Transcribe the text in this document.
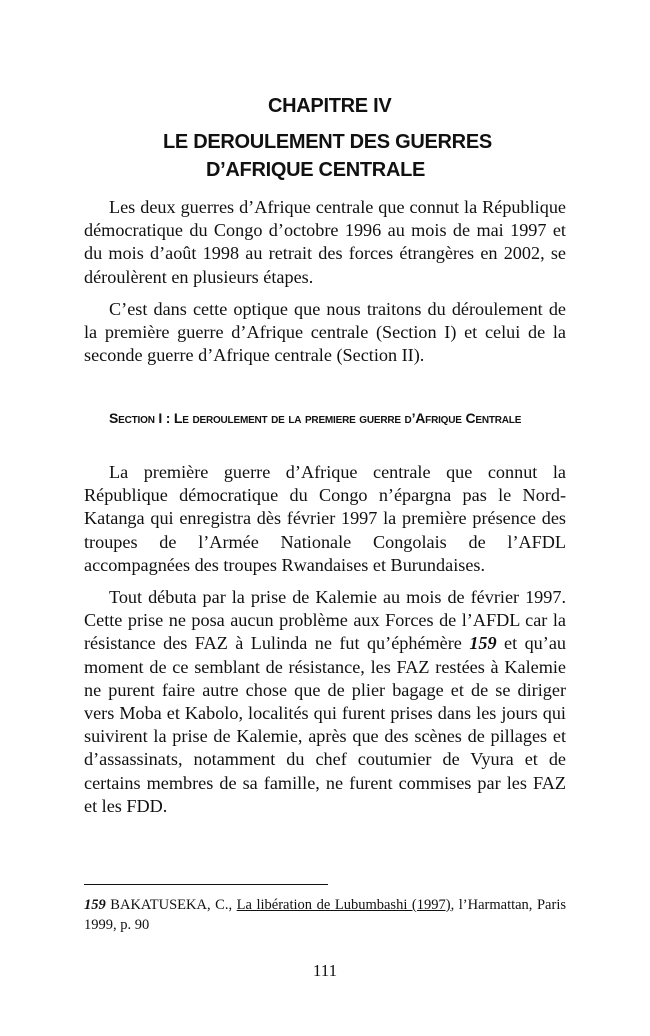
CHAPITRE IV
LE DEROULEMENT DES GUERRES
D’AFRIQUE CENTRALE

Les deux guerres d’Afrique centrale que connut la République démocratique du Congo d’octobre 1996 au mois de mai 1997 et du mois d’août 1998 au retrait des forces étrangères en 2002, se déroulèrent en plusieurs étapes.

C’est dans cette optique que nous traitons du déroulement de la première guerre d’Afrique centrale (Section I) et celui de la seconde guerre d’Afrique centrale (Section II).

Section I : Le deroulement de la premiere guerre d’Afrique Centrale

La première guerre d’Afrique centrale que connut la République démocratique du Congo n’épargna pas le Nord-Katanga qui enregistra dès février 1997 la première présence des troupes de l’Armée Nationale Congolais de l’AFDL accompagnées des troupes Rwandaises et Burundaises.

Tout débuta par la prise de Kalemie au mois de février 1997. Cette prise ne posa aucun problème aux Forces de l’AFDL car la résistance des FAZ à Lulinda ne fut qu’éphémère 159 et qu’au moment de ce semblant de résistance, les FAZ restées à Kalemie ne purent faire autre chose que de plier bagage et de se diriger vers Moba et Kabolo, localités qui furent prises dans les jours qui suivirent la prise de Kalemie, après que des scènes de pillages et d’assassinats, notamment du chef coutumier de Vyura et de certains membres de sa famille, ne furent commises par les FAZ et les FDD.

159 BAKATUSEKA, C., La libération de Lubumbashi (1997), l’Harmattan, Paris 1999, p. 90
111
